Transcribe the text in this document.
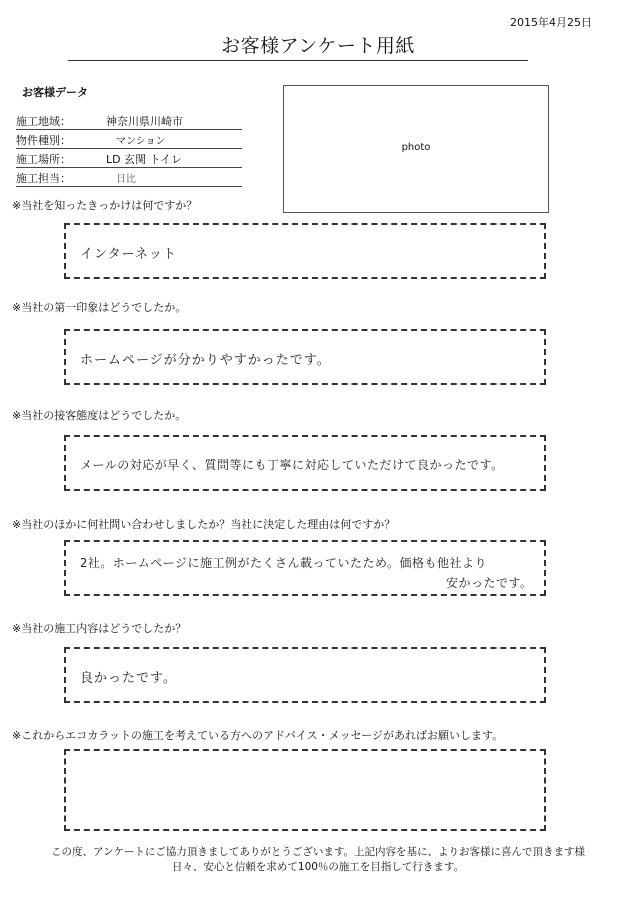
2015年4月25日
お客様アンケート用紙
お客様データ
施工地域：	神奈川県川崎市
物件種別：	マンション
施工場所：	LD 玄関 トイレ
施工担当：	日比
photo
※当社を知ったきっかけは何ですか？
インターネット
※当社の第一印象はどうでしたか。
ホームページが分かりやすかったです。
※当社の接客態度はどうでしたか。
メールの対応が早く、質問等にも丁寧に対応していただけて良かったです。
※当社のほかに何社問い合わせしましたか？当社に決定した理由は何ですか？
2社。ホームページに施工例がたくさん載っていたため。価格も他社より
安かったです。
※当社の施工内容はどうでしたか？
良かったです。
※これからエコカラットの施工を考えている方へのアドバイス・メッセージがあればお願いします。
この度、アンケートにご協力頂きましてありがとうございます。上記内容を基に、よりお客様に喜んで頂きます様
日々、安心と信頼を求めて100％の施工を目指して行きます。
